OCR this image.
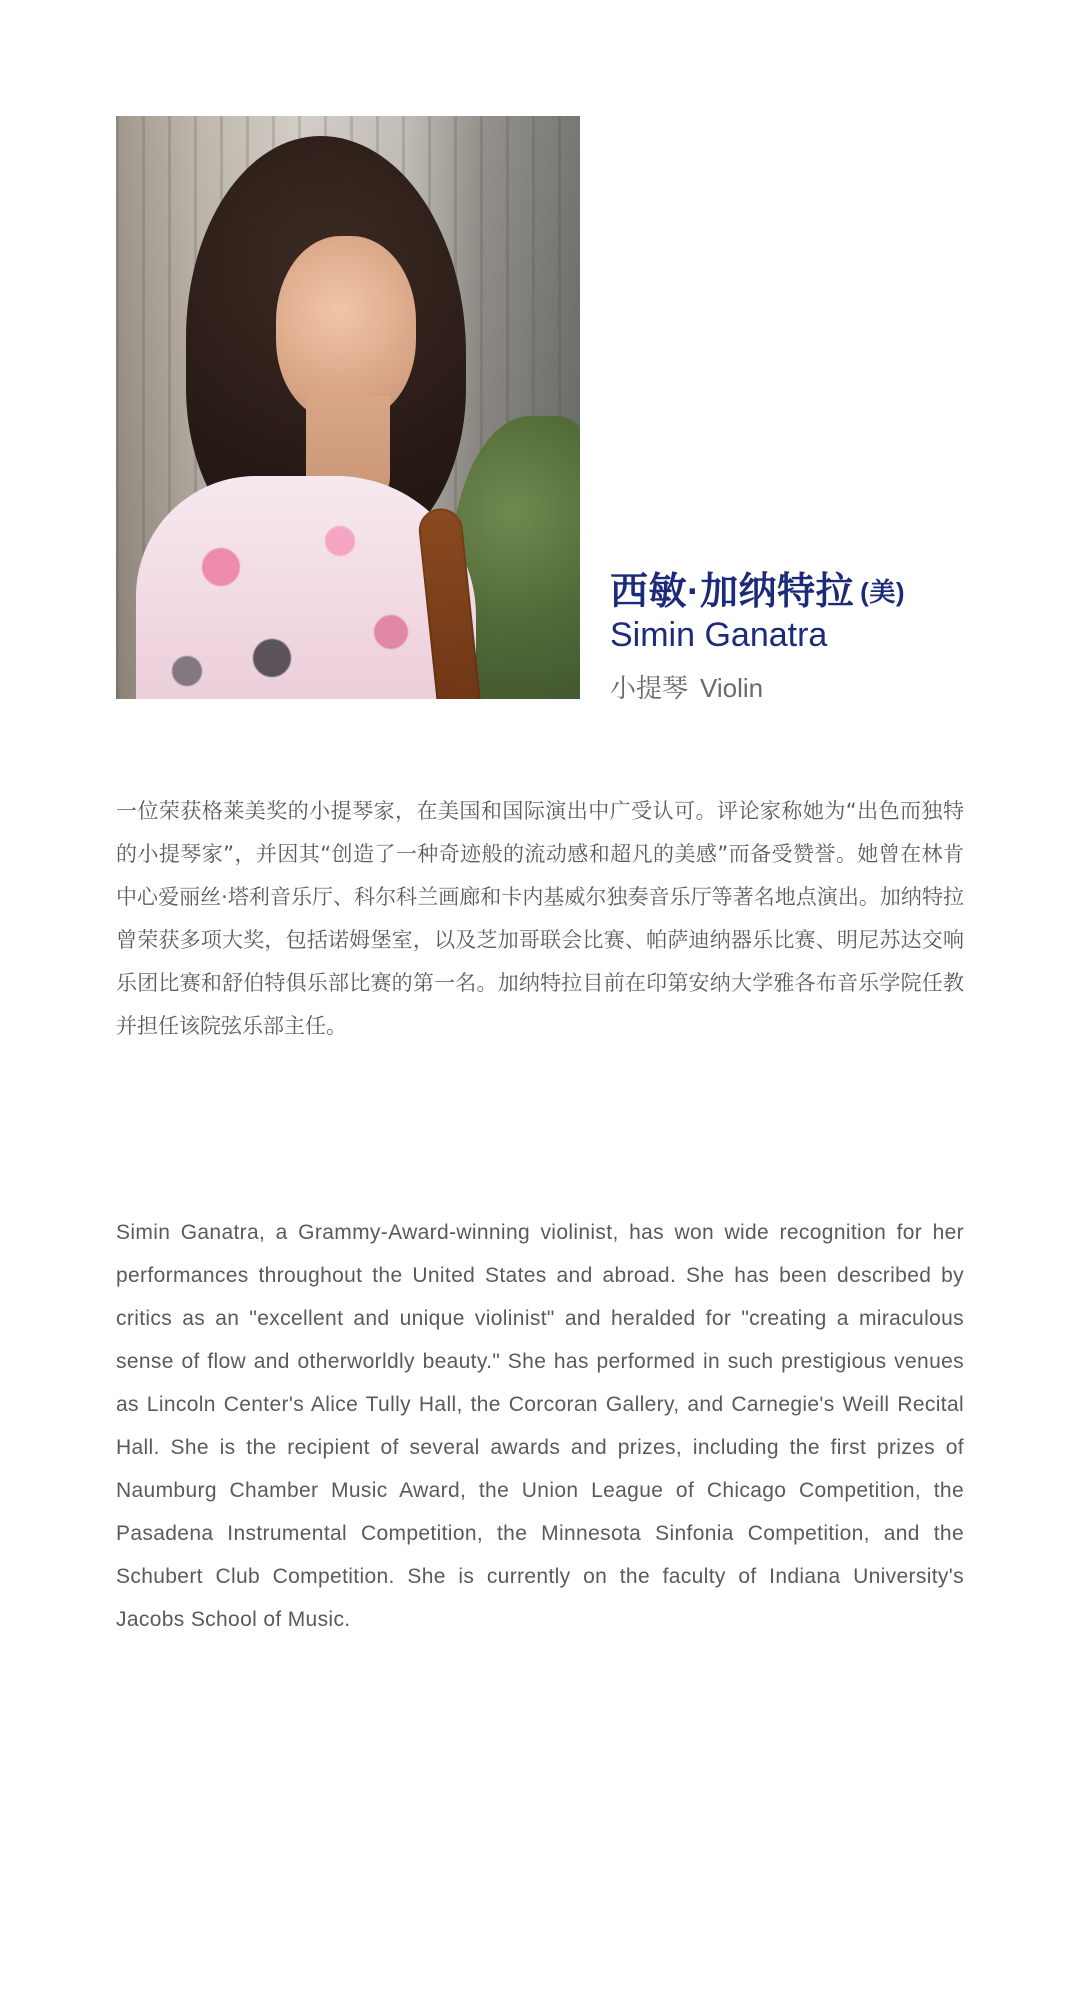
西敏·加纳特拉 (美)
Simin Ganatra
小提琴 Violin
一位荣获格莱美奖的小提琴家，在美国和国际演出中广受认可。评论家称她为“出色而独特的小提琴家”，并因其“创造了一种奇迹般的流动感和超凡的美感”而备受赞誉。她曾在林肯中心爱丽丝·塔利音乐厅、科尔科兰画廊和卡内基威尔独奏音乐厅等著名地点演出。加纳特拉曾荣获多项大奖，包括诺姆堡室，以及芝加哥联会比赛、帕萨迪纳器乐比赛、明尼苏达交响乐团比赛和舒伯特俱乐部比赛的第一名。加纳特拉目前在印第安纳大学雅各布音乐学院任教并担任该院弦乐部主任。
Simin Ganatra, a Grammy-Award-winning violinist, has won wide recognition for her performances throughout the United States and abroad. She has been described by critics as an "excellent and unique violinist" and heralded for "creating a miraculous sense of flow and otherworldly beauty." She has performed in such prestigious venues as Lincoln Center's Alice Tully Hall, the Corcoran Gallery, and Carnegie's Weill Recital Hall. She is the recipient of several awards and prizes, including the first prizes of Naumburg Chamber Music Award, the Union League of Chicago Competition, the Pasadena Instrumental Competition, the Minnesota Sinfonia Competition, and the Schubert Club Competition. She is currently on the faculty of Indiana University's Jacobs School of Music.
